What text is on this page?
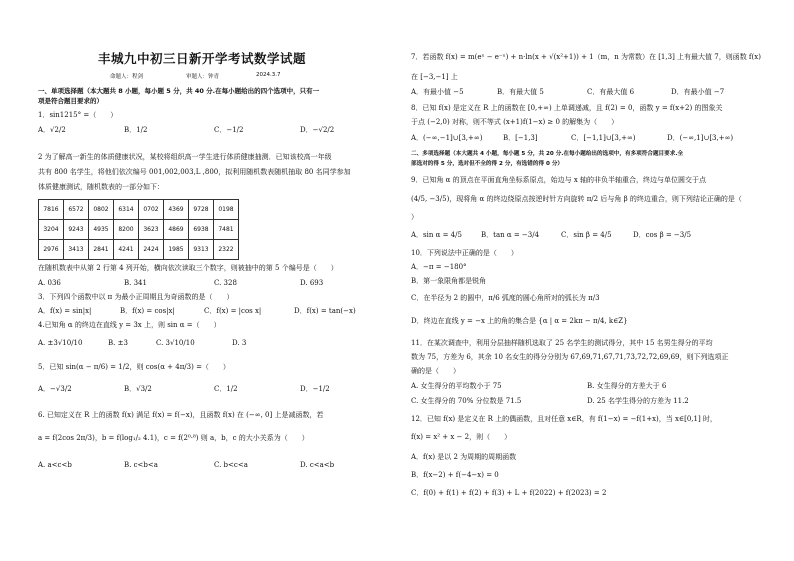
丰城九中初三日新开学考试数学试题
命题人：程剑	审题人：钟青	2024.3.7
一、单项选择题（本大题共 8 小题，每小题 5 分，共 40 分.在每小题给出的四个选项中，只有一
项是符合题目要求的）
1．sin1215° =（　　）
A．√2/2	B．1/2	C．−1/2	D．−√2/2
2 为了解高一新生的体质健康状况，某校将组织高一学生进行体质健康抽测．已知该校高一年级
共有 800 名学生，将他们依次编号 001,002,003,L ,800，拟利用随机数表随机抽取 80 名同学参加
体质健康测试，随机数表的一部分如下：
7816	6572	0802	6314	0702	4369	9728	0198
3204	9243	4935	8200	3623	4869	6938	7481
2976	3413	2841	4241	2424	1985	9313	2322
在随机数表中从第 2 行第 4 列开始，横向依次读取三个数字，则被抽中的第 5 个编号是（　　）
A. 036	B. 341	C. 328	D. 693
3．下列四个函数中以 π 为最小正周期且为奇函数的是（　　）
A．f(x) = sin|x|	B．f(x) = cos|x|	C．f(x) = |cos x|	D．f(x) = tan(−x)
4.已知角 α 的终边在直线 y = 3x 上，则 sin α =（　　）
A. ±3√10/10	B. ±3	C. 3√10/10	D. 3
5．已知 sin(α − π/6) = 1/2，则 cos(α + 4π/3) =（　　）
A．−√3/2	B．√3/2	C．1/2	D．−1/2
6. 已知定义在 R 上的函数 f(x) 满足 f(x) = f(−x)，且函数 f(x) 在 (−∞, 0] 上是减函数，若
a = f(2cos 2π/3)，b = f(log₁/₂ 4.1)，c = f(2⁰·⁸) 则 a，b，c 的大小关系为（　　）
A. a<c<b	B. c<b<a	C. b<c<a	D. c<a<b
7．若函数 f(x) = m(eˣ − e⁻ˣ) + n·ln(x + √(x²+1)) + 1（m，n 为常数）在 [1,3] 上有最大值 7，则函数 f(x)
在 [−3,−1] 上
A．有最小值 −5	B．有最大值 5	C．有最大值 6	D．有最小值 −7
8．已知 f(x) 是定义在 R 上的函数在 [0,+∞) 上单调递减，且 f(2) = 0，函数 y = f(x+2) 的图象关
于点 (−2,0) 对称，则不等式 (x+1)f(1−x) ≥ 0 的解集为（　　）
A．(−∞,−1]∪[3,+∞)	B．[−1,3]	C．[−1,1]∪[3,+∞)	D．(−∞,1]∪[3,+∞)
二、多项选择题（本大题共 4 小题，每小题 5 分，共 20 分.在每小题给出的选项中，有多项符合题目要求.全
部选对的得 5 分，选对但不全的得 2 分，有选错的得 0 分）
9．已知角 α 的顶点在平面直角坐标系原点，始边与 x 轴的非负半轴重合，终边与单位圆交于点
(4/5, −3/5)，现将角 α 的终边绕原点按逆时针方向旋转 π/2 后与角 β 的终边重合，则下列结论正确的是（
）
A．sin α = 4/5	B．tan α = −3/4	C．sin β = 4/5	D．cos β = −3/5
10．下列说法中正确的是（　　）
A．−π = −180°
B．第一象限角都是锐角
C．在半径为 2 的圆中，π/6 弧度的圆心角所对的弧长为 π/3
D．终边在直线 y = −x 上的角的集合是 {α | α = 2kπ − π/4, k∈Z}
11．在某次调查中，利用分层抽样随机选取了 25 名学生的测试得分，其中 15 名男生得分的平均
数为 75，方差为 6，其余 10 名女生的得分分别为 67,69,71,67,71,73,72,72,69,69，则下列选项正
确的是（　　）
A. 女生得分的平均数小于 75	B. 女生得分的方差大于 6
C. 女生得分的 70% 分位数是 71.5	D. 25 名学生得分的方差为 11.2
12．已知 f(x) 是定义在 R 上的偶函数，且对任意 x∈R，有 f(1−x) = −f(1+x)，当 x∈[0,1] 时，
f(x) = x² + x − 2，则（　　）
A．f(x) 是以 2 为周期的周期函数
B．f(x−2) + f(−4−x) = 0
C．f(0) + f(1) + f(2) + f(3) + L + f(2022) + f(2023) = 2
